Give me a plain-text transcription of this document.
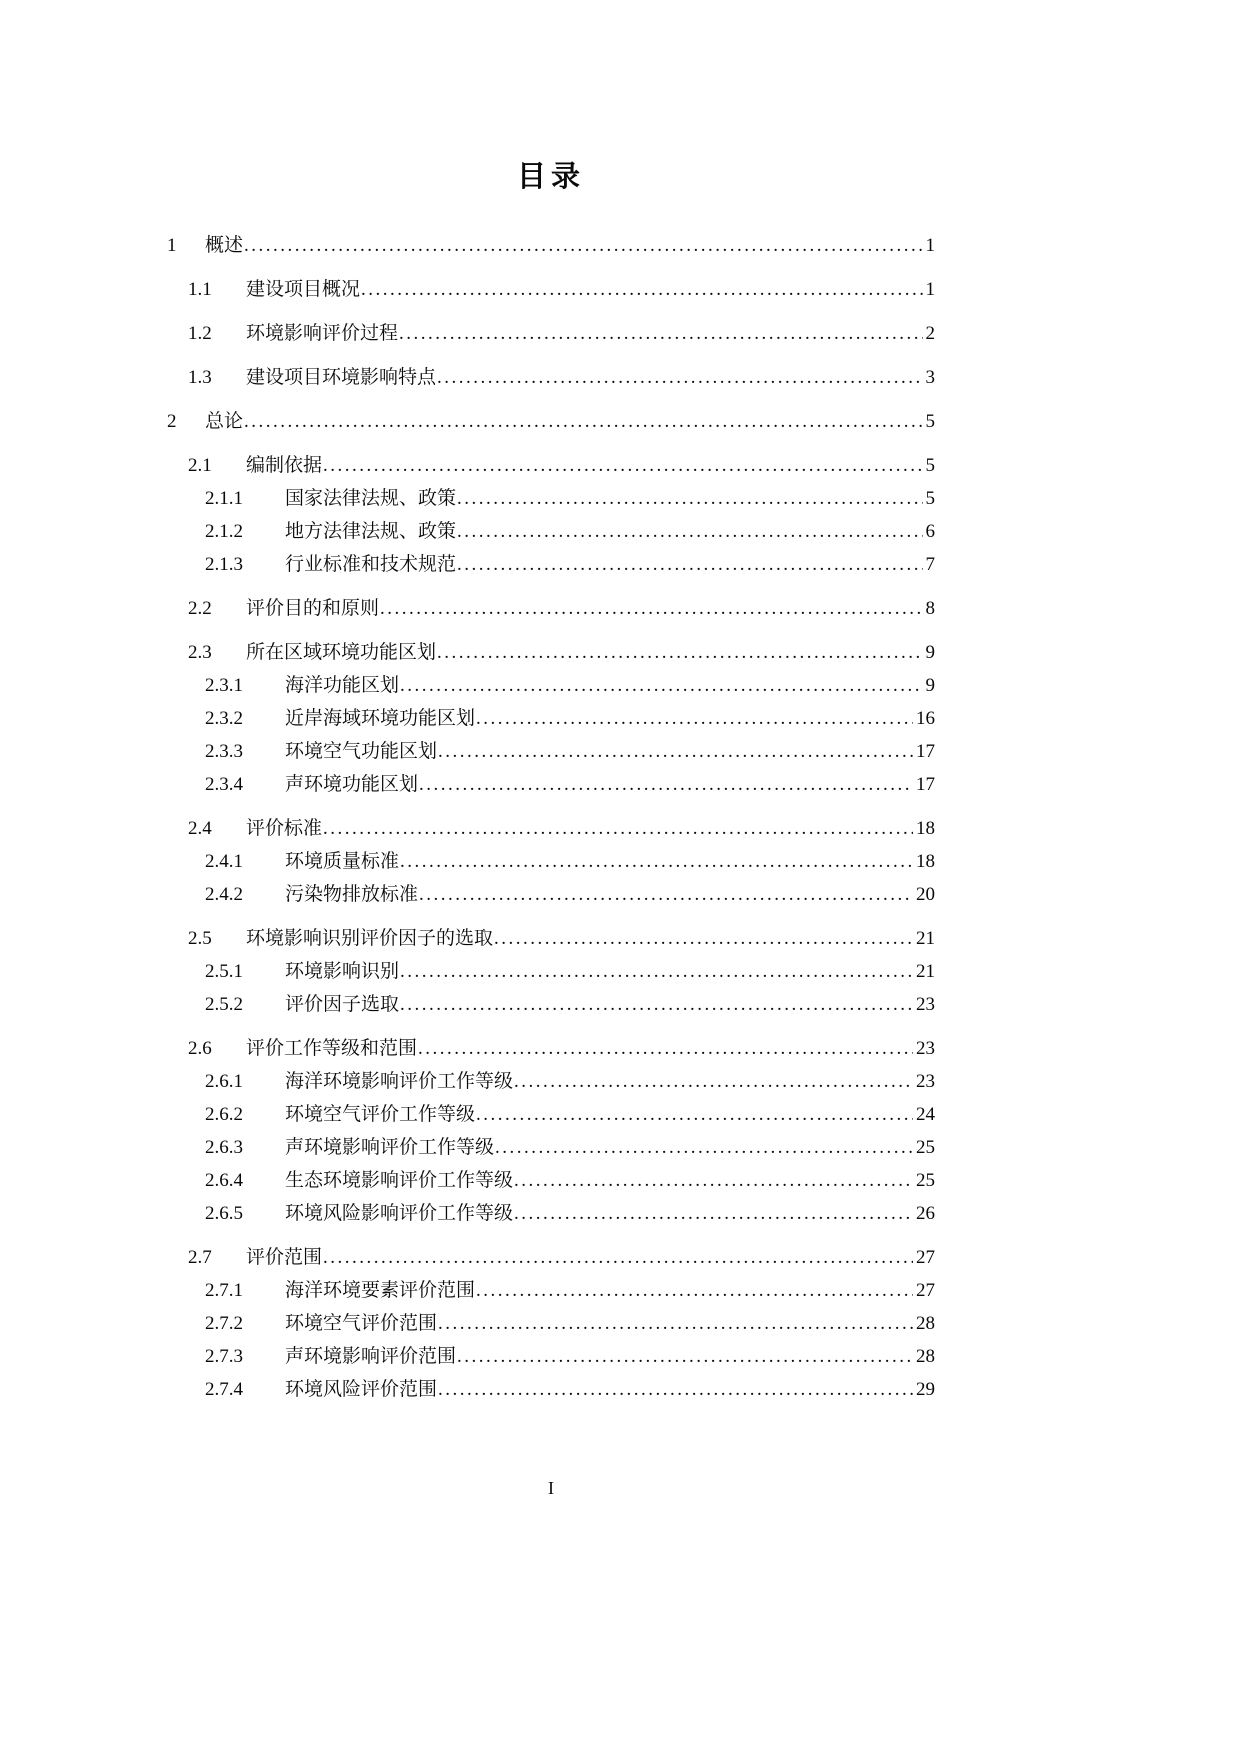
目录
1	概述 .....	1
1.1	建设项目概况 .....	1
1.2	环境影响评价过程 .....	2
1.3	建设项目环境影响特点 .....	3
2	总论 .....	5
2.1	编制依据 .....	5
2.1.1	国家法律法规、政策 .....	5
2.1.2	地方法律法规、政策 .....	6
2.1.3	行业标准和技术规范 .....	7
2.2	评价目的和原则 .....	8
2.3	所在区域环境功能区划 .....	9
2.3.1	海洋功能区划 .....	9
2.3.2	近岸海域环境功能区划 .....	16
2.3.3	环境空气功能区划 .....	17
2.3.4	声环境功能区划 .....	17
2.4	评价标准 .....	18
2.4.1	环境质量标准 .....	18
2.4.2	污染物排放标准 .....	20
2.5	环境影响识别评价因子的选取 .....	21
2.5.1	环境影响识别 .....	21
2.5.2	评价因子选取 .....	23
2.6	评价工作等级和范围 .....	23
2.6.1	海洋环境影响评价工作等级 .....	23
2.6.2	环境空气评价工作等级 .....	24
2.6.3	声环境影响评价工作等级 .....	25
2.6.4	生态环境影响评价工作等级 .....	25
2.6.5	环境风险影响评价工作等级 .....	26
2.7	评价范围 .....	27
2.7.1	海洋环境要素评价范围 .....	27
2.7.2	环境空气评价范围 .....	28
2.7.3	声环境影响评价范围 .....	28
2.7.4	环境风险评价范围 .....	29
I
